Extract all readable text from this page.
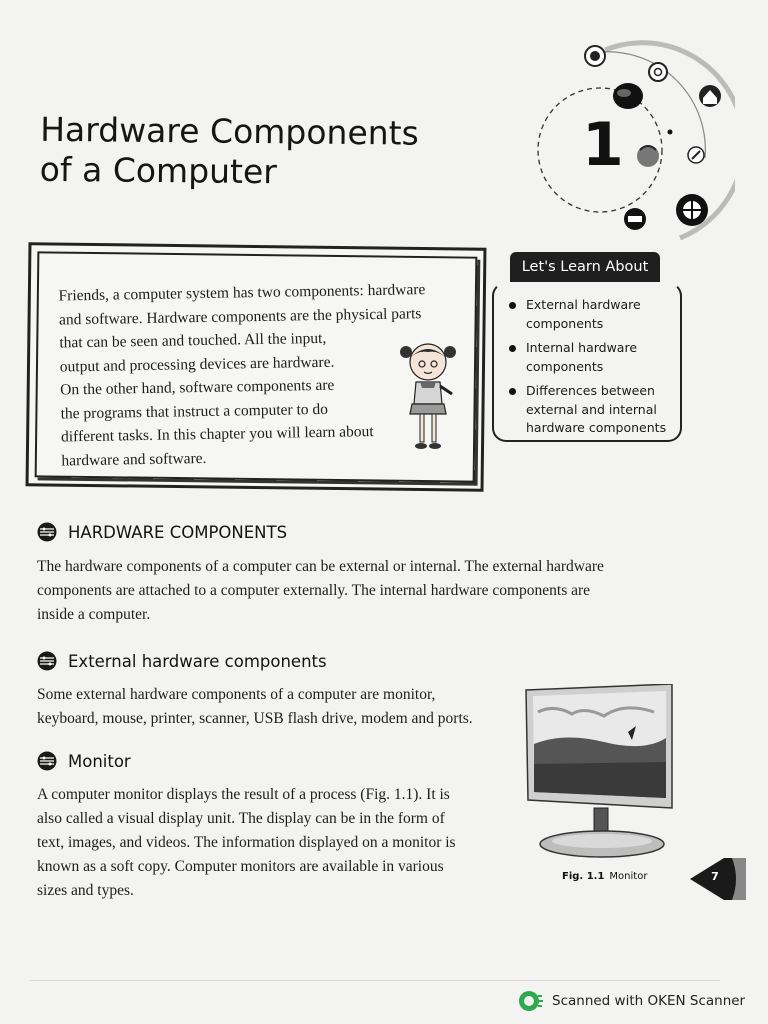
Hardware Components
of a Computer	1
Friends, a computer system has two components: hardware
and software. Hardware components are the physical parts
that can be seen and touched. All the input,
output and processing devices are hardware.
On the other hand, software components are
the programs that instruct a computer to do
different tasks. In this chapter you will learn about
hardware and software.
Let's Learn About
External hardware components
Internal hardware components
Differences between external and internal hardware components
HARDWARE COMPONENTS
The hardware components of a computer can be external or internal. The external hardware
components are attached to a computer externally. The internal hardware components are
inside a computer.
External hardware components
Some external hardware components of a computer are monitor,
keyboard, mouse, printer, scanner, USB flash drive, modem and ports.
Monitor
A computer monitor displays the result of a process (Fig. 1.1). It is
also called a visual display unit. The display can be in the form of
text, images, and videos. The information displayed on a monitor is
known as a soft copy. Computer monitors are available in various
sizes and types.
Fig. 1.1 Monitor	7
Scanned with OKEN Scanner
